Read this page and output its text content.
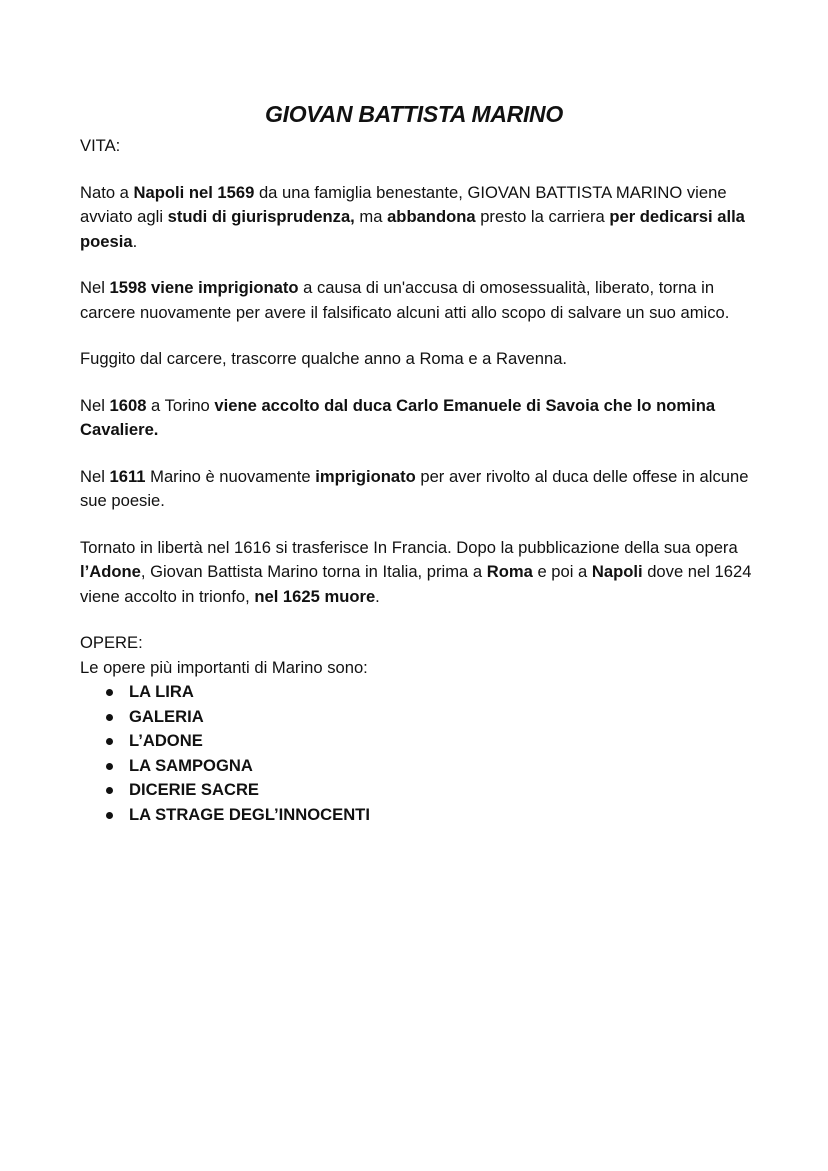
GIOVAN BATTISTA MARINO

VITA:

Nato a Napoli nel 1569 da una famiglia benestante, GIOVAN BATTISTA MARINO viene avviato agli studi di giurisprudenza, ma abbandona presto la carriera per dedicarsi alla poesia.

Nel 1598 viene imprigionato a causa di un'accusa di omosessualità, liberato, torna in carcere nuovamente per avere il falsificato alcuni atti allo scopo di salvare un suo amico.

Fuggito dal carcere, trascorre qualche anno a Roma e a Ravenna.

Nel 1608 a Torino viene accolto dal duca Carlo Emanuele di Savoia che lo nomina Cavaliere.

Nel 1611 Marino è nuovamente imprigionato per aver rivolto al duca delle offese in alcune sue poesie.

Tornato in libertà nel 1616 si trasferisce In Francia. Dopo la pubblicazione della sua opera l’Adone, Giovan Battista Marino torna in Italia, prima a Roma e poi a Napoli dove nel 1624 viene accolto in trionfo, nel 1625 muore.

OPERE:

Le opere più importanti di Marino sono:

LA LIRA
GALERIA
L’ADONE
LA SAMPOGNA
DICERIE SACRE
LA STRAGE DEGL’INNOCENTI
